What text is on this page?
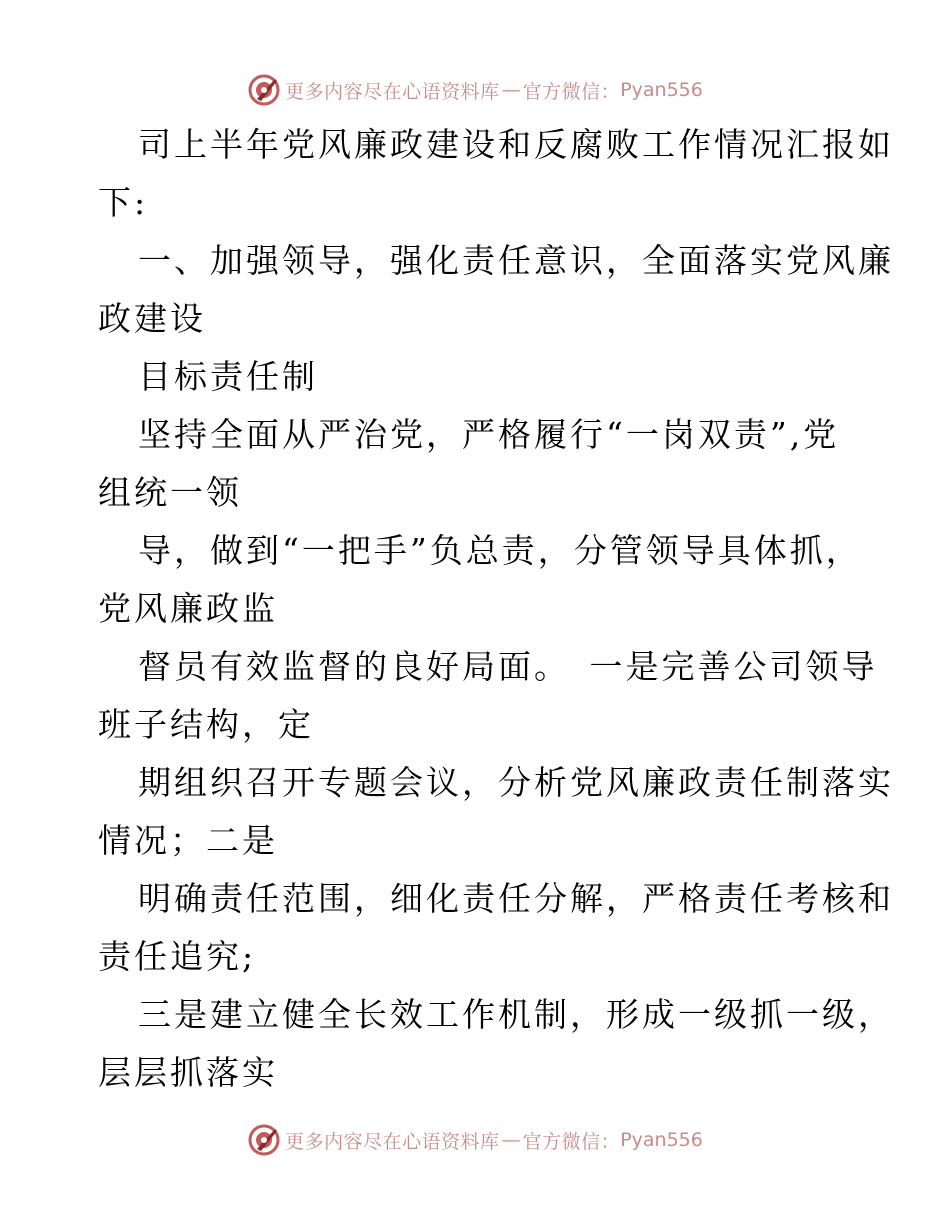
更多内容尽在心语资料库 — 官方微信： Pyan556
司上半年党风廉政建设和反腐败工作情况汇报如
下:
一、加强领导，强化责任意识，全面落实党风廉
政建设
目标责任制
坚持全面从严治党，严格履行“一岗双责”,党
组统一领
导，做到“一把手”负总责，分管领导具体抓，
党风廉政监
督员有效监督的良好局面。　一是完善公司领导
班子结构，定
期组织召开专题会议，分析党风廉政责任制落实
情况；二是
明确责任范围，细化责任分解，严格责任考核和
责任追究;
三是建立健全长效工作机制，形成一级抓一级，
层层抓落实
更多内容尽在心语资料库 — 官方微信： Pyan556
